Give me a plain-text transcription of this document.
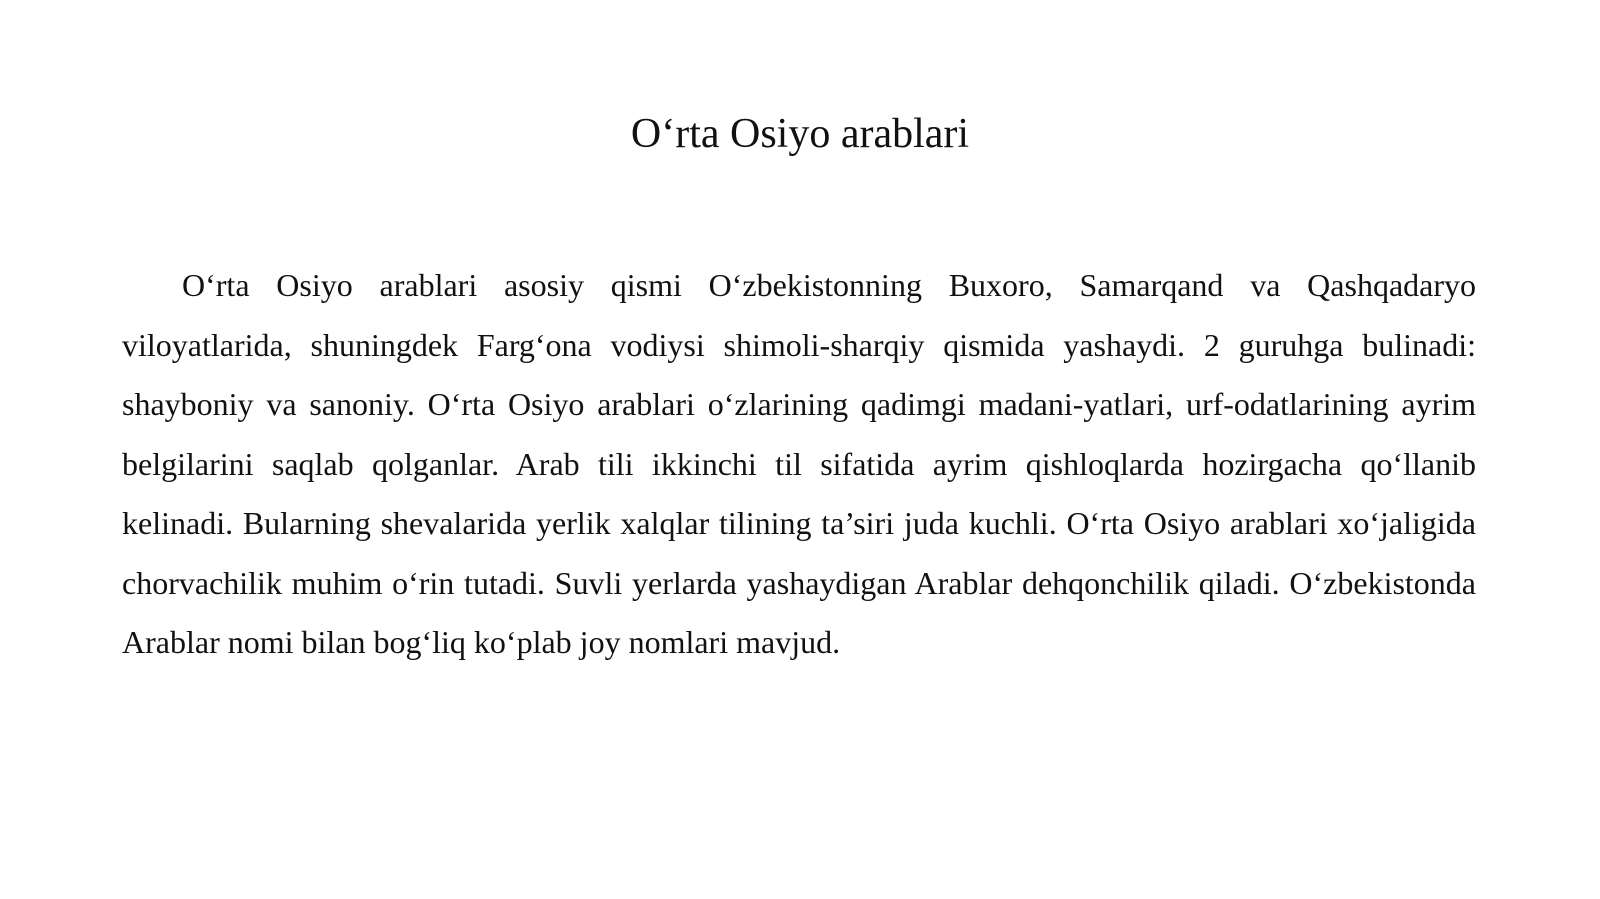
O‘rta Osiyo arablari

O‘rta Osiyo arablari asosiy qismi O‘zbekistonning Buxoro, Samarqand va Qashqadaryo viloyatlarida, shuningdek Farg‘ona vodiysi shimoli-sharqiy qismida yashaydi. 2 guruhga bulinadi: shayboniy va sanoniy. O‘rta Osiyo arablari o‘zlarining qadimgi madani-yatlari, urf-odatlarining ayrim belgilarini saqlab qolganlar. Arab tili ikkinchi til sifatida ayrim qishloqlarda hozirgacha qo‘llanib kelinadi. Bularning shevalarida yerlik xalqlar tilining ta’siri juda kuchli. O‘rta Osiyo arablari xo‘jaligida chorvachilik muhim o‘rin tutadi. Suvli yerlarda yashaydigan Arablar dehqonchilik qiladi. O‘zbekistonda Arablar nomi bilan bog‘liq ko‘plab joy nomlari mavjud.
